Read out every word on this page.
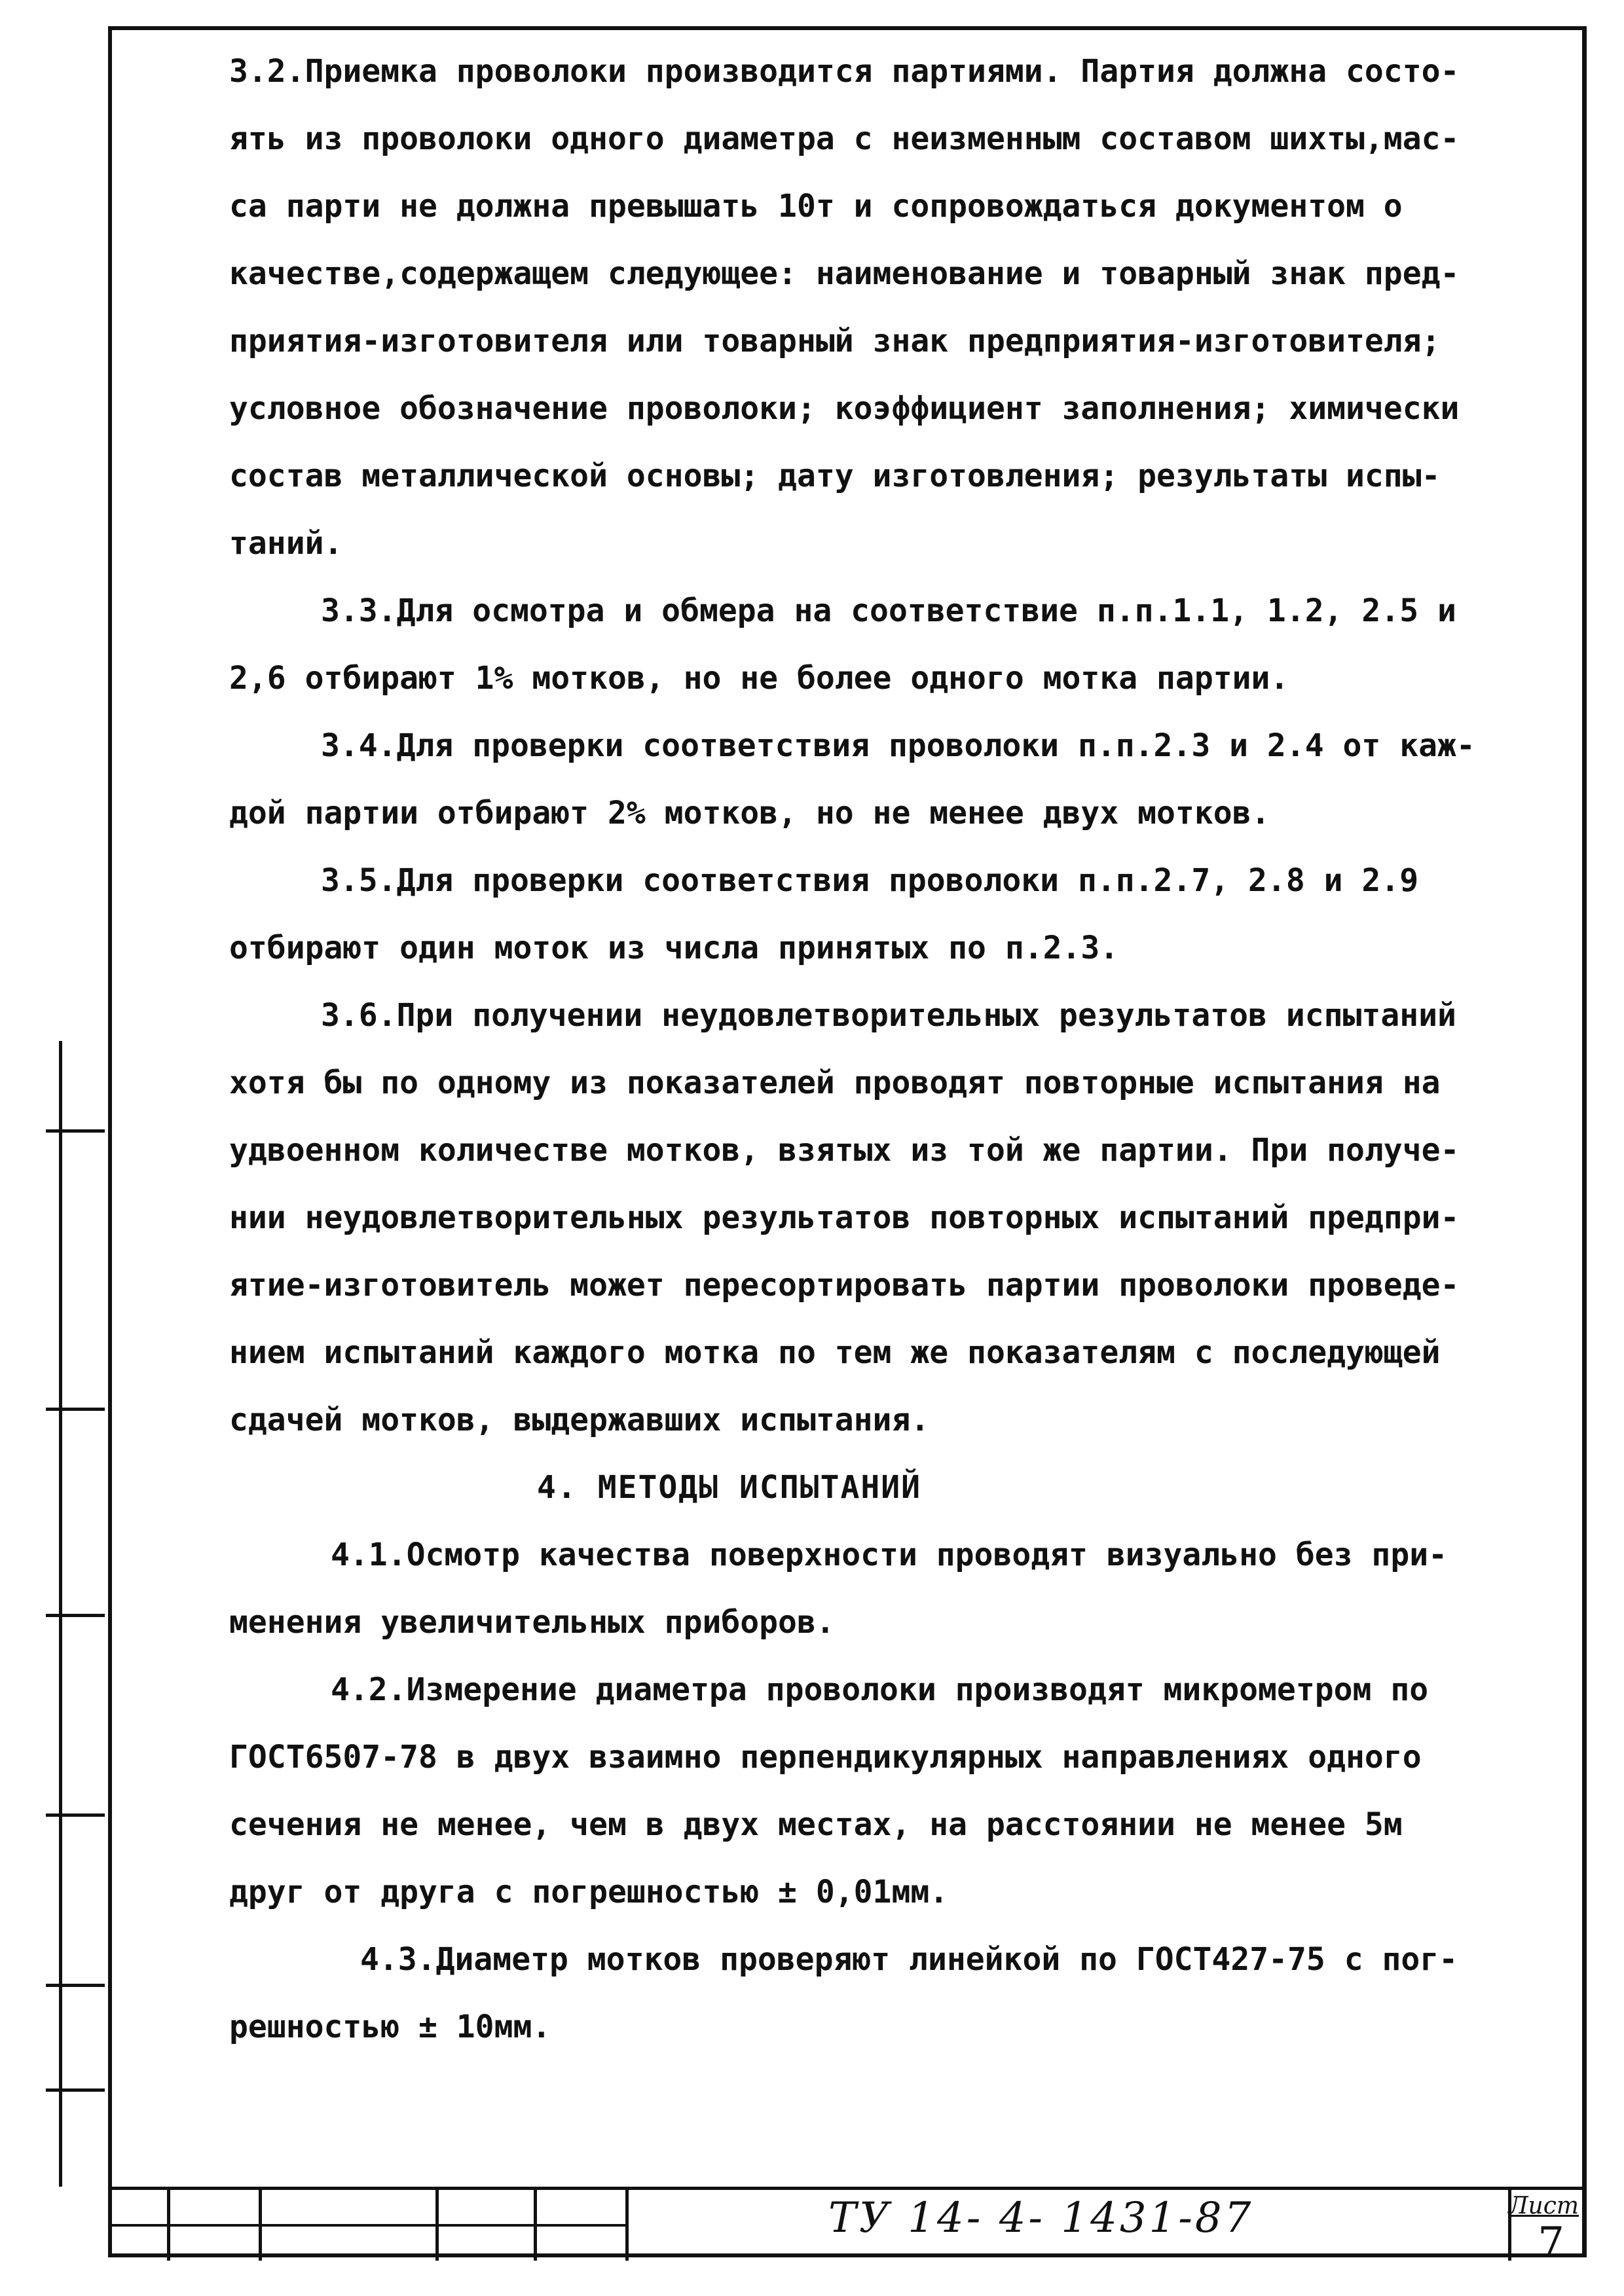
3.2.Приемка проволоки производится партиями. Партия должна состо-
ять из проволоки одного диаметра с неизменным составом шихты,мас-
са парти не должна превышать 10т и сопровождаться документом о
качестве,содержащем следующее: наименование и товарный знак пред-
приятия-изготовителя или товарный знак предприятия-изготовителя;
условное обозначение проволоки; коэффициент заполнения; химически
состав металлической основы; дату изготовления; результаты испы-
таний.
3.3.Для осмотра и обмера на соответствие п.п.1.1, 1.2, 2.5 и
2,6 отбирают 1% мотков, но не более одного мотка партии.
3.4.Для проверки соответствия проволоки п.п.2.3 и 2.4 от каж-
дой партии отбирают 2% мотков, но не менее двух мотков.
3.5.Для проверки соответствия проволоки п.п.2.7, 2.8 и 2.9
отбирают один моток из числа принятых по п.2.3.
3.6.При получении неудовлетворительных результатов испытаний
хотя бы по одному из показателей проводят повторные испытания на
удвоенном количестве мотков, взятых из той же партии. При получе-
нии неудовлетворительных результатов повторных испытаний предпри-
ятие-изготовитель может пересортировать партии проволоки проведе-
нием испытаний каждого мотка по тем же показателям с последующей
сдачей мотков, выдержавших испытания.
4. МЕТОДЫ ИСПЫТАНИЙ
4.1.Осмотр качества поверхности проводят визуально без при-
менения увеличительных приборов.
4.2.Измерение диаметра проволоки производят микрометром по
ГОСТ6507-78 в двух взаимно перпендикулярных направлениях одного
сечения не менее, чем в двух местах, на расстоянии не менее 5м
друг от друга с погрешностью ± 0,01мм.
4.3.Диаметр мотков проверяют линейкой по ГОСТ427-75 с пог-
решностью ± 10мм.
ТУ 14- 4- 1431-87	Лист
7
